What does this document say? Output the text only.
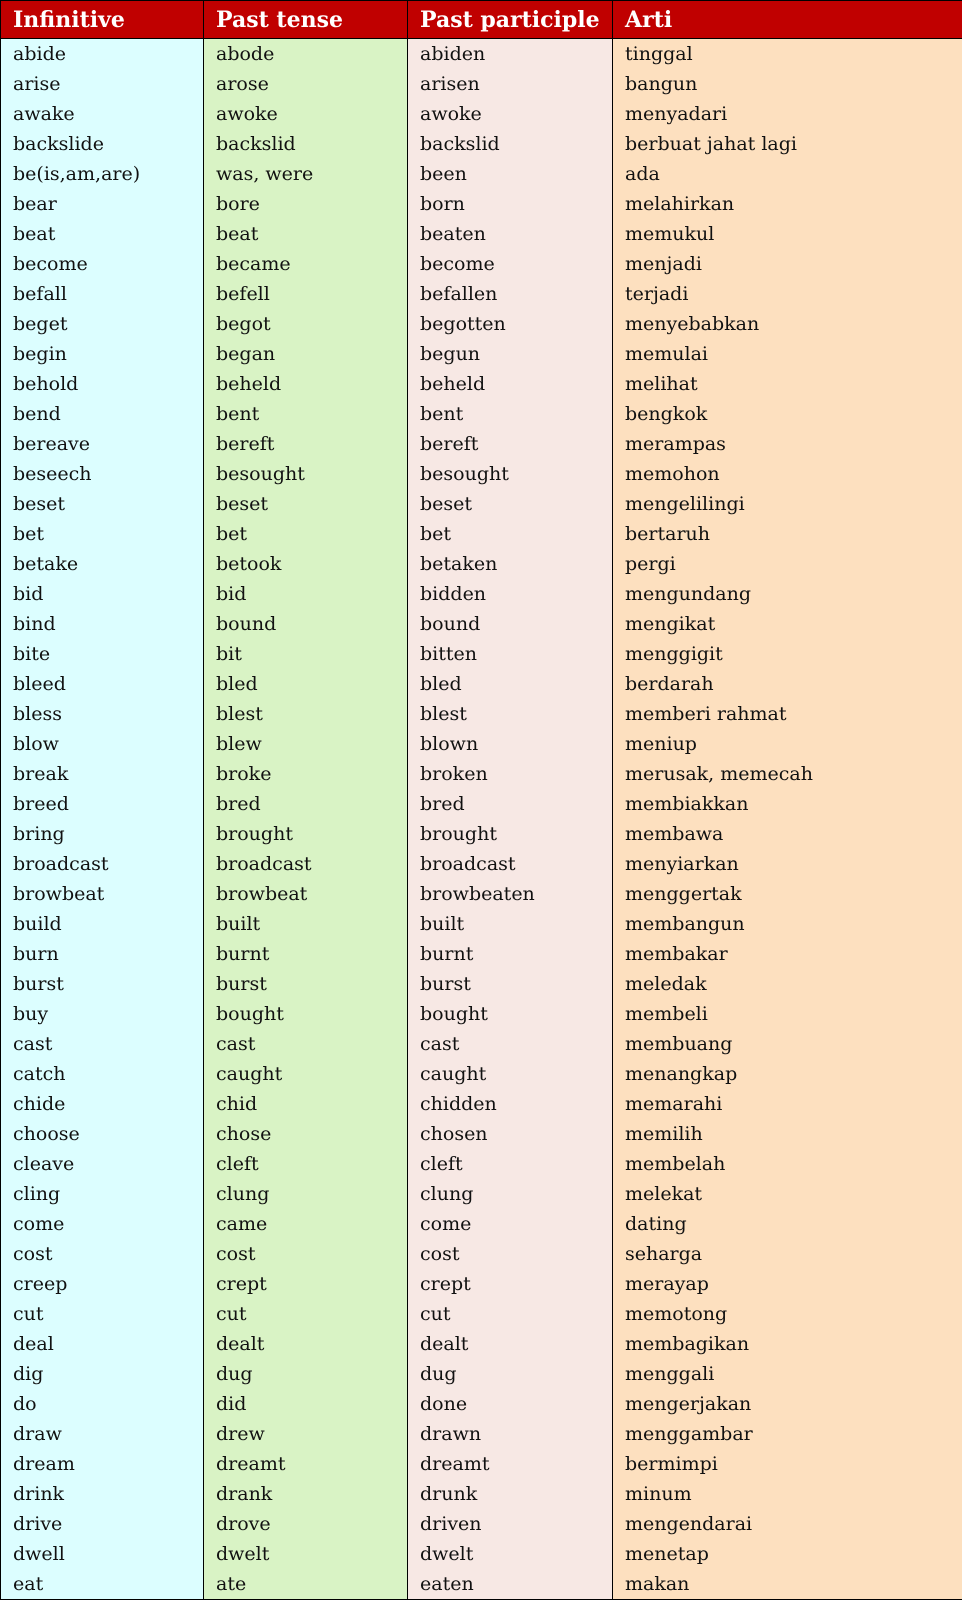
Infinitive	Past tense	Past participle	Arti
abide	abode	abiden	tinggal
arise	arose	arisen	bangun
awake	awoke	awoke	menyadari
backslide	backslid	backslid	berbuat jahat lagi
be(is,am,are)	was, were	been	ada
bear	bore	born	melahirkan
beat	beat	beaten	memukul
become	became	become	menjadi
befall	befell	befallen	terjadi
beget	begot	begotten	menyebabkan
begin	began	begun	memulai
behold	beheld	beheld	melihat
bend	bent	bent	bengkok
bereave	bereft	bereft	merampas
beseech	besought	besought	memohon
beset	beset	beset	mengelilingi
bet	bet	bet	bertaruh
betake	betook	betaken	pergi
bid	bid	bidden	mengundang
bind	bound	bound	mengikat
bite	bit	bitten	menggigit
bleed	bled	bled	berdarah
bless	blest	blest	memberi rahmat
blow	blew	blown	meniup
break	broke	broken	merusak, memecah
breed	bred	bred	membiakkan
bring	brought	brought	membawa
broadcast	broadcast	broadcast	menyiarkan
browbeat	browbeat	browbeaten	menggertak
build	built	built	membangun
burn	burnt	burnt	membakar
burst	burst	burst	meledak
buy	bought	bought	membeli
cast	cast	cast	membuang
catch	caught	caught	menangkap
chide	chid	chidden	memarahi
choose	chose	chosen	memilih
cleave	cleft	cleft	membelah
cling	clung	clung	melekat
come	came	come	dating
cost	cost	cost	seharga
creep	crept	crept	merayap
cut	cut	cut	memotong
deal	dealt	dealt	membagikan
dig	dug	dug	menggali
do	did	done	mengerjakan
draw	drew	drawn	menggambar
dream	dreamt	dreamt	bermimpi
drink	drank	drunk	minum
drive	drove	driven	mengendarai
dwell	dwelt	dwelt	menetap
eat	ate	eaten	makan
